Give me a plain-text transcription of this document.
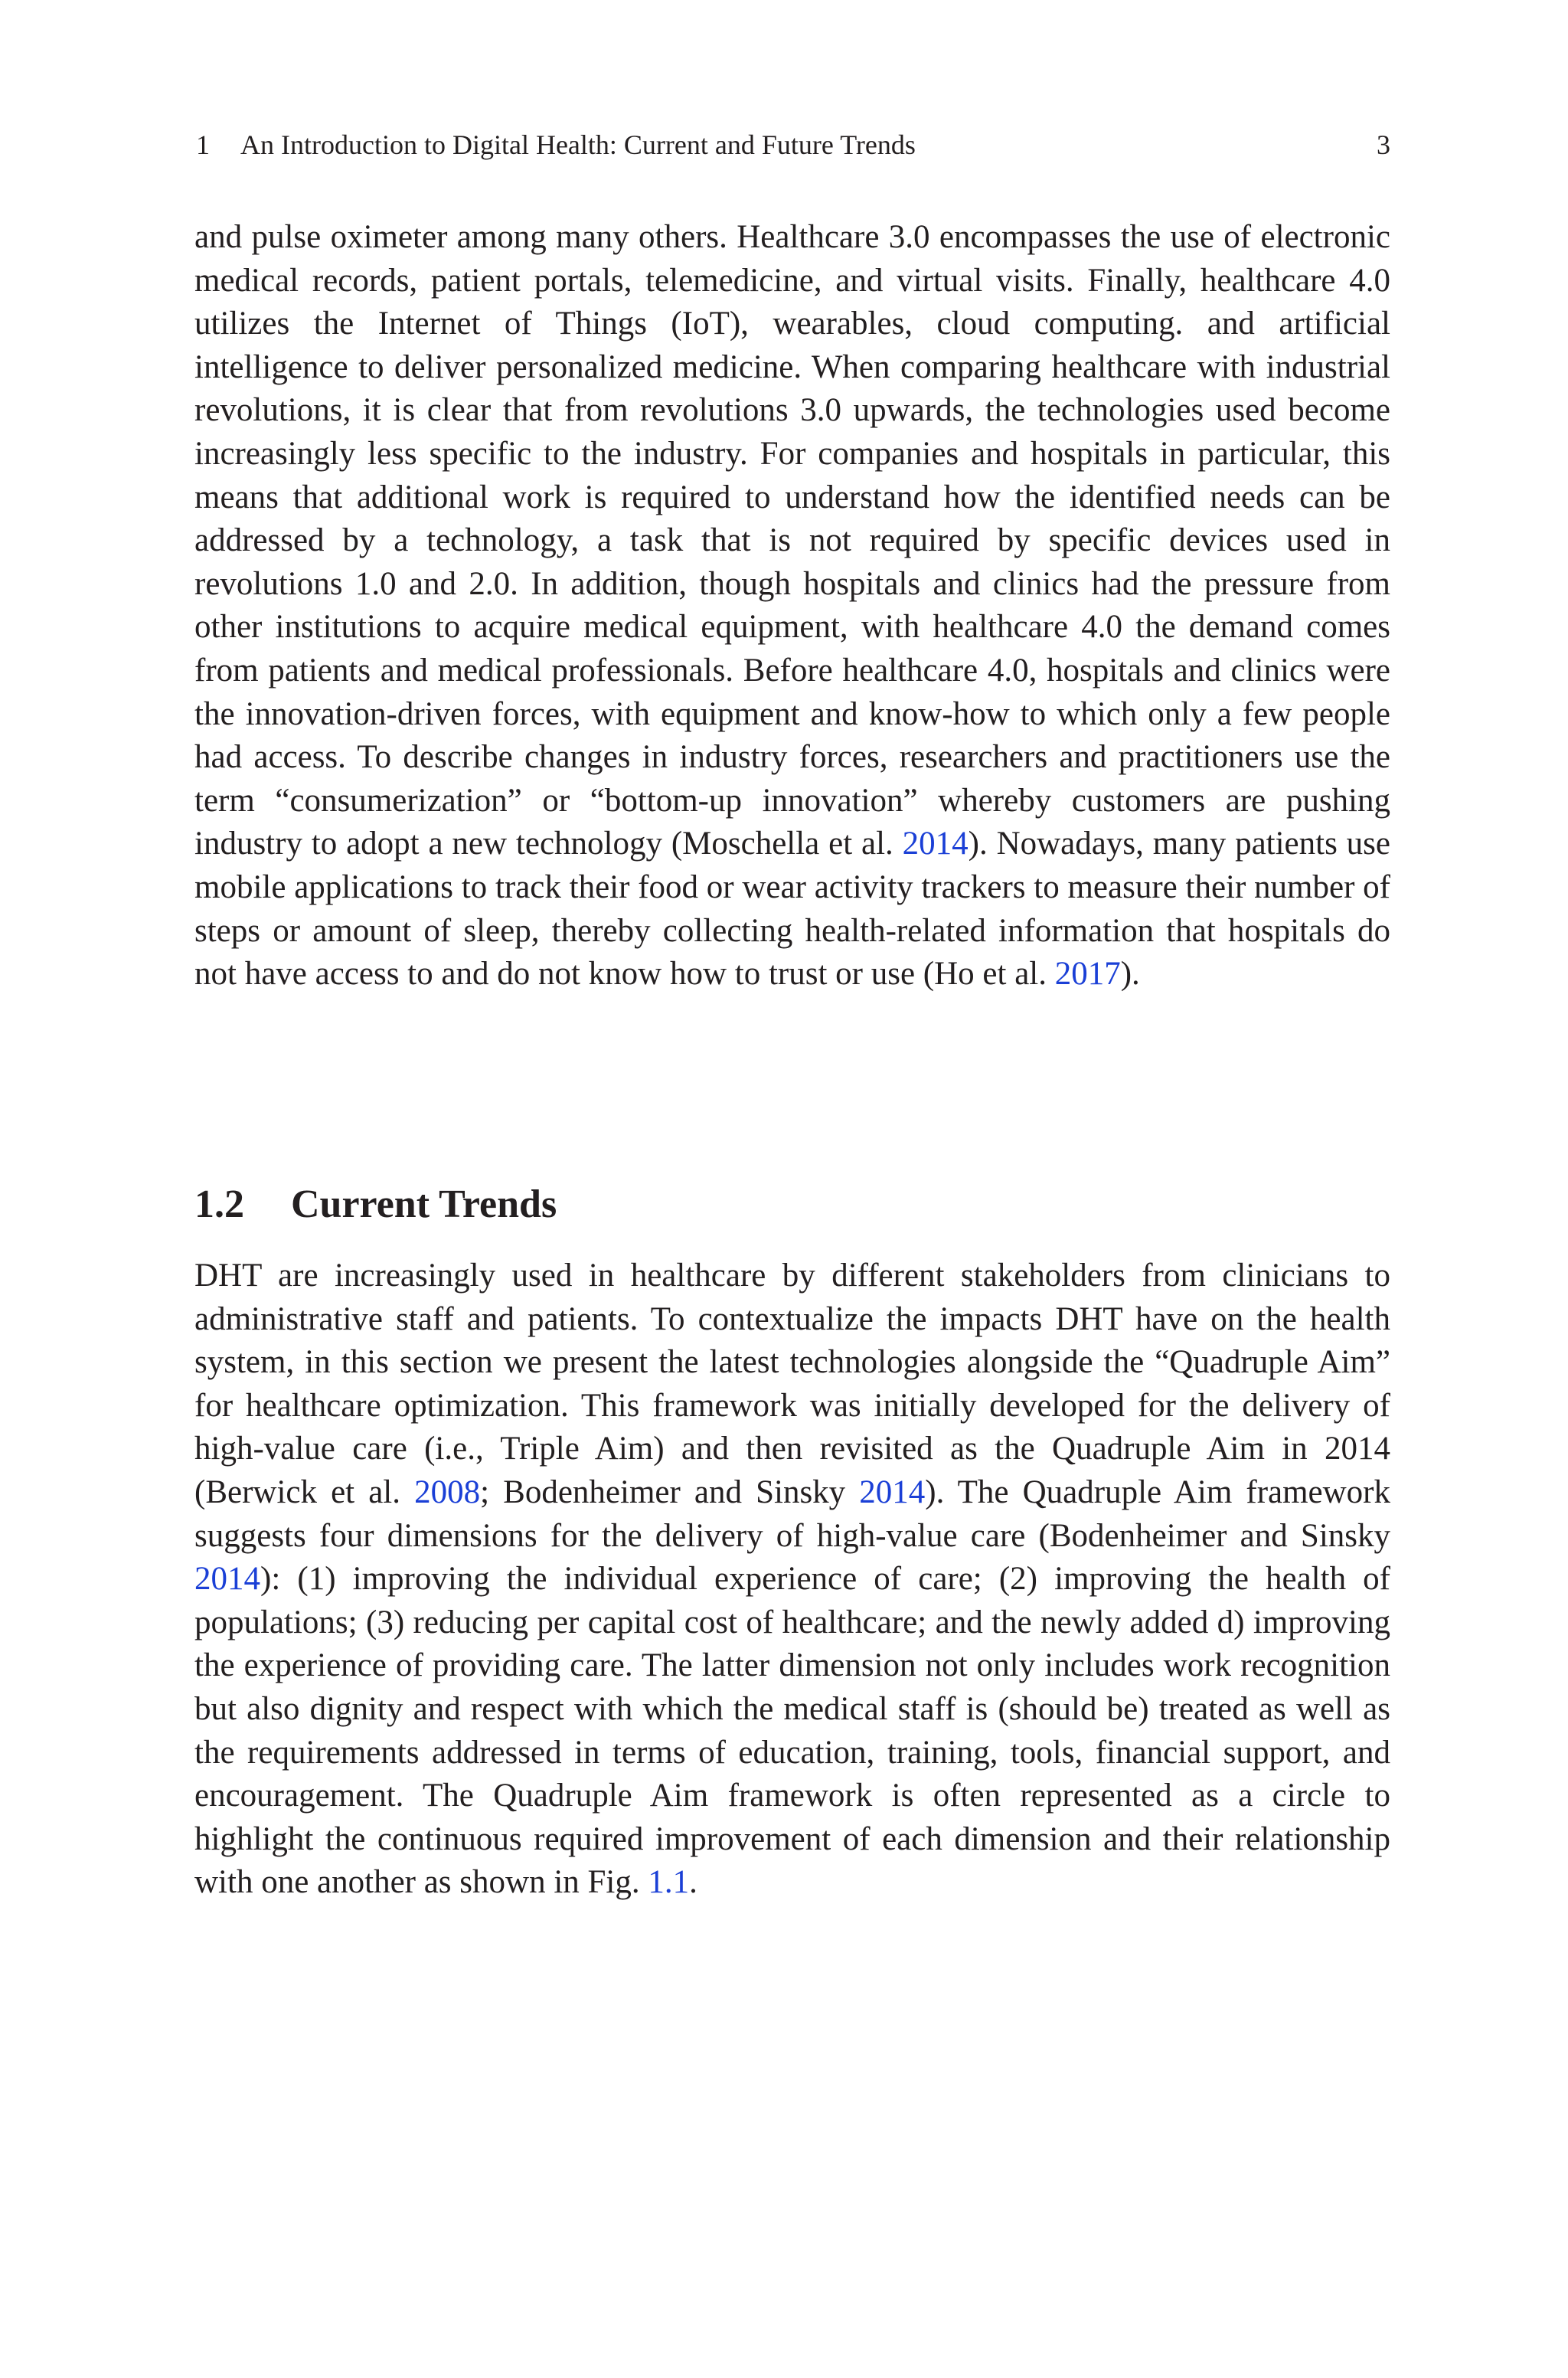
1 An Introduction to Digital Health: Current and Future Trends	3

and pulse oximeter among many others. Healthcare 3.0 encompasses the use of electronic medical records, patient portals, telemedicine, and virtual visits. Finally, healthcare 4.0 utilizes the Internet of Things (IoT), wearables, cloud computing. and artificial intelligence to deliver personalized medicine. When comparing healthcare with industrial revolutions, it is clear that from revolutions 3.0 upwards, the technologies used become increasingly less specific to the industry. For companies and hospitals in particular, this means that additional work is required to understand how the identified needs can be addressed by a technology, a task that is not required by specific devices used in revolutions 1.0 and 2.0. In addition, though hospitals and clinics had the pressure from other institutions to acquire medical equipment, with healthcare 4.0 the demand comes from patients and medical professionals. Before healthcare 4.0, hospitals and clinics were the innovation-driven forces, with equipment and know-how to which only a few people had access. To describe changes in industry forces, researchers and practitioners use the term “consumerization” or “bottom-up innovation” whereby customers are pushing industry to adopt a new technology (Moschella et al. 2014). Nowadays, many patients use mobile applications to track their food or wear activity trackers to measure their number of steps or amount of sleep, thereby collecting health-related information that hospitals do not have access to and do not know how to trust or use (Ho et al. 2017).

1.2 Current Trends

DHT are increasingly used in healthcare by different stakeholders from clinicians to administrative staff and patients. To contextualize the impacts DHT have on the health system, in this section we present the latest technologies alongside the “Quadruple Aim” for healthcare optimization. This framework was initially developed for the delivery of high-value care (i.e., Triple Aim) and then revisited as the Quadruple Aim in 2014 (Berwick et al. 2008; Bodenheimer and Sinsky 2014). The Quadruple Aim framework suggests four dimensions for the delivery of high-value care (Bodenheimer and Sinsky 2014): (1) improving the individual experience of care; (2) improving the health of populations; (3) reducing per capital cost of healthcare; and the newly added d) improving the experience of providing care. The latter dimension not only includes work recognition but also dignity and respect with which the medical staff is (should be) treated as well as the requirements addressed in terms of education, training, tools, financial support, and encouragement. The Quadruple Aim framework is often represented as a circle to highlight the continuous required improvement of each dimension and their relationship with one another as shown in Fig. 1.1.
